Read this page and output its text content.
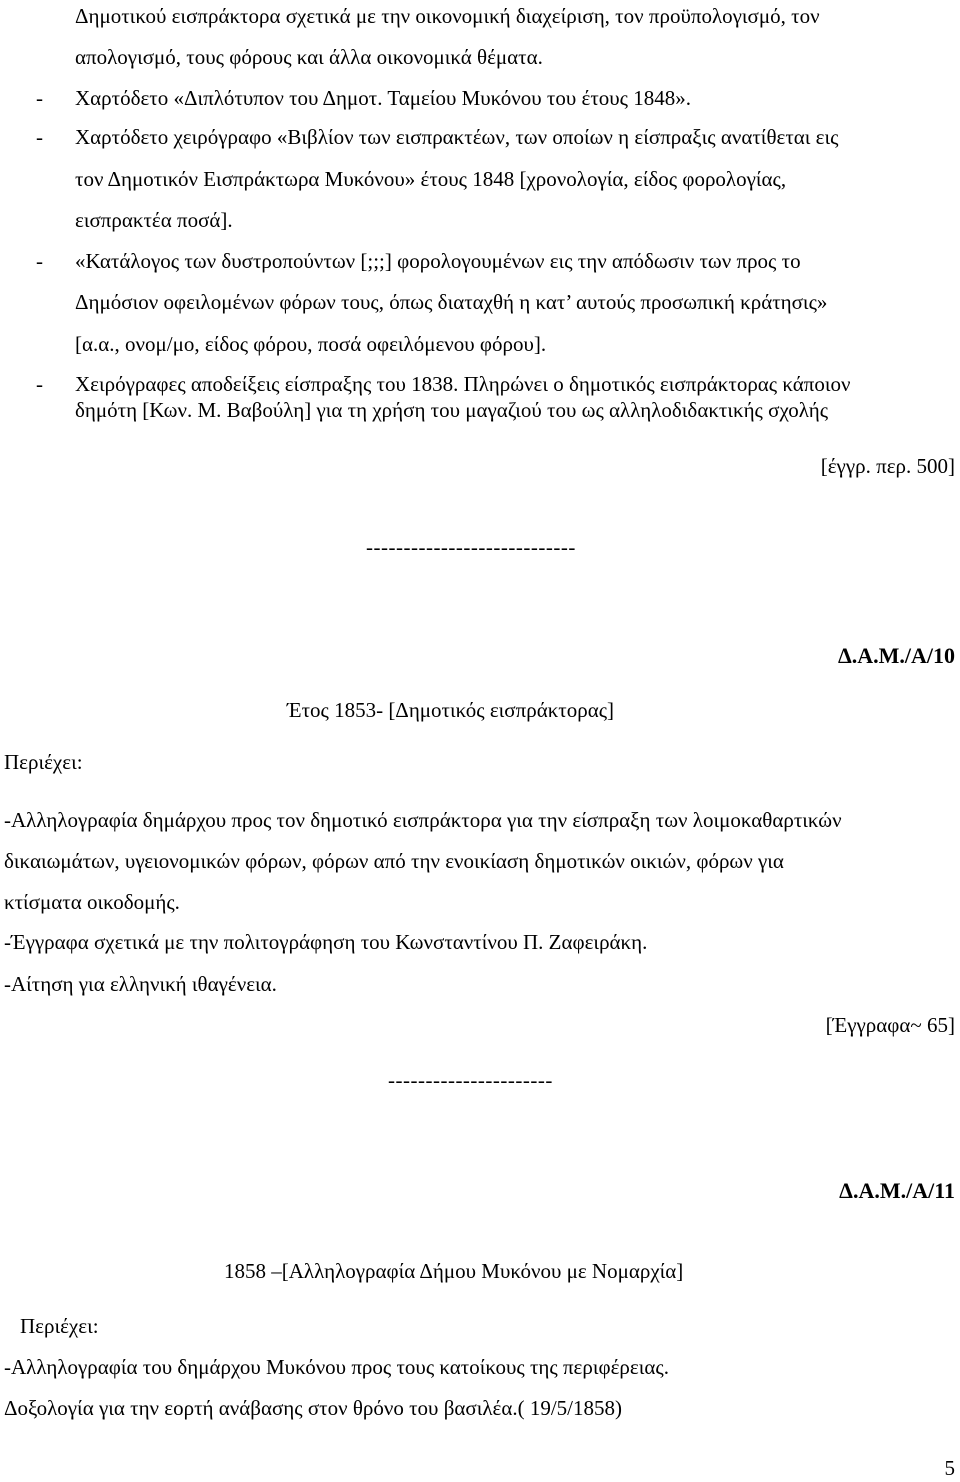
Δημοτικού εισπράκτορα σχετικά με την οικονομική διαχείριση, τον προϋπολογισμό, τον
απολογισμό, τους φόρους και άλλα οικονομικά θέματα.
- Χαρτόδετο «Διπλότυπον του Δημοτ. Ταμείου Μυκόνου του έτους 1848».
- Χαρτόδετο χειρόγραφο «Βιβλίον των εισπρακτέων, των οποίων η είσπραξις ανατίθεται εις
τον Δημοτικόν Εισπράκτωρα Μυκόνου» έτους 1848 [χρονολογία, είδος φορολογίας,
εισπρακτέα ποσά].
- «Κατάλογος των δυστροπούντων [;;;] φορολογουμένων εις την απόδωσιν των προς το
Δημόσιον οφειλομένων φόρων τους, όπως διαταχθή η κατ’ αυτούς προσωπική κράτησις»
[α.α., ονομ/μο, είδος φόρου, ποσά οφειλόμενου φόρου].
- Χειρόγραφες αποδείξεις είσπραξης του 1838. Πληρώνει ο δημοτικός εισπράκτορας κάποιον
δημότη [Κων. Μ. Βαβούλη] για τη χρήση του μαγαζιού του ως αλληλοδιδακτικής σχολής
[έγγρ. περ. 500]
----------------------------
Δ.Α.Μ./Α/10
Έτος 1853- [Δημοτικός εισπράκτορας]
Περιέχει:
-Αλληλογραφία δημάρχου προς τον δημοτικό εισπράκτορα για την είσπραξη των λοιμοκαθαρτικών
δικαιωμάτων, υγειονομικών φόρων, φόρων από την ενοικίαση δημοτικών οικιών, φόρων για
κτίσματα οικοδομής.
-Έγγραφα σχετικά με την πολιτογράφηση του Κωνσταντίνου Π. Ζαφειράκη.
-Αίτηση για ελληνική ιθαγένεια.
[Έγγραφα~ 65]
----------------------
Δ.Α.Μ./Α/11
1858 –[Αλληλογραφία Δήμου Μυκόνου με Νομαρχία]
Περιέχει:
-Αλληλογραφία του δημάρχου Μυκόνου προς τους κατοίκους της περιφέρειας.
Δοξολογία για την εορτή ανάβασης στον θρόνο του βασιλέα.( 19/5/1858)
5
